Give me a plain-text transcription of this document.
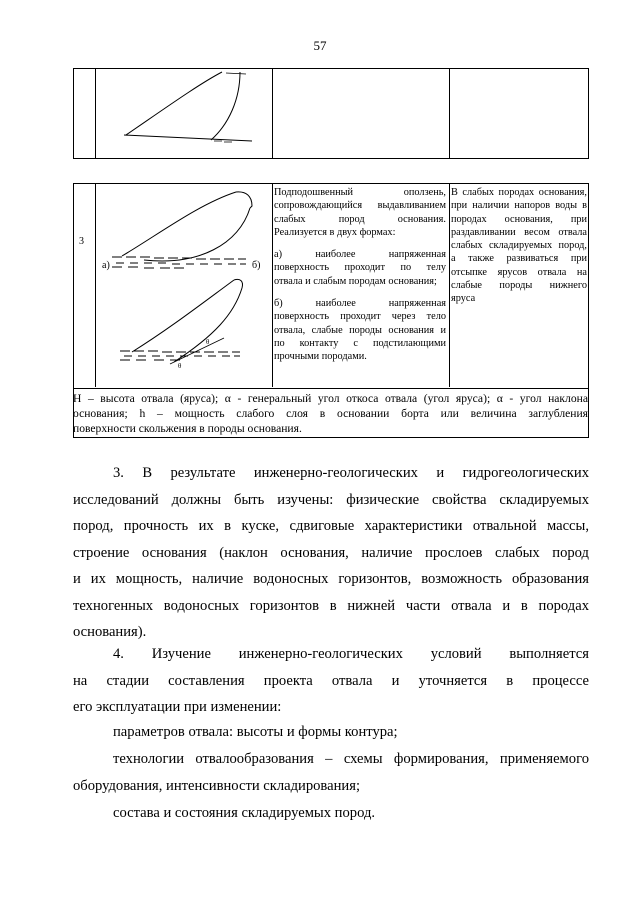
57
3
a)	б)
θ
θ
Подподошвенный оползень,
сопровождающийся выдавливанием
слабых пород основания.
Реализуется в двух формах:
а) наиболее напряженная
поверхность проходит по телу
отвала и слабым породам основания;
б) наиболее напряженная
поверхность проходит через тело
отвала, слабые породы основания и
по контакту с подстилающими
прочными породами.
В слабых породах основания,
при наличии напоров воды в
породах основания, при
раздавливании весом отвала
слабых складируемых пород,
а также развиваться при
отсыпке ярусов отвала на
слабые породы нижнего
яруса
Н – высота отвала (яруса); α - генеральный угол откоса отвала (угол яруса); α - угол наклона
основания; h – мощность слабого слоя в основании борта или величина заглубления
поверхности скольжения в породы основания.
3. В результате инженерно-геологических и гидрогеологических
исследований должны быть изучены: физические свойства складируемых
пород, прочность их в куске, сдвиговые характеристики отвальной массы,
строение основания (наклон основания, наличие прослоев слабых пород
и их мощность, наличие водоносных горизонтов, возможность образования
техногенных водоносных горизонтов в нижней части отвала и в породах
основания).
4. Изучение инженерно-геологических условий выполняется
на стадии составления проекта отвала и уточняется в процессе
его эксплуатации при изменении:
параметров отвала: высоты и формы контура;
технологии отвалообразования – схемы формирования, применяемого
оборудования, интенсивности складирования;
состава и состояния складируемых пород.
